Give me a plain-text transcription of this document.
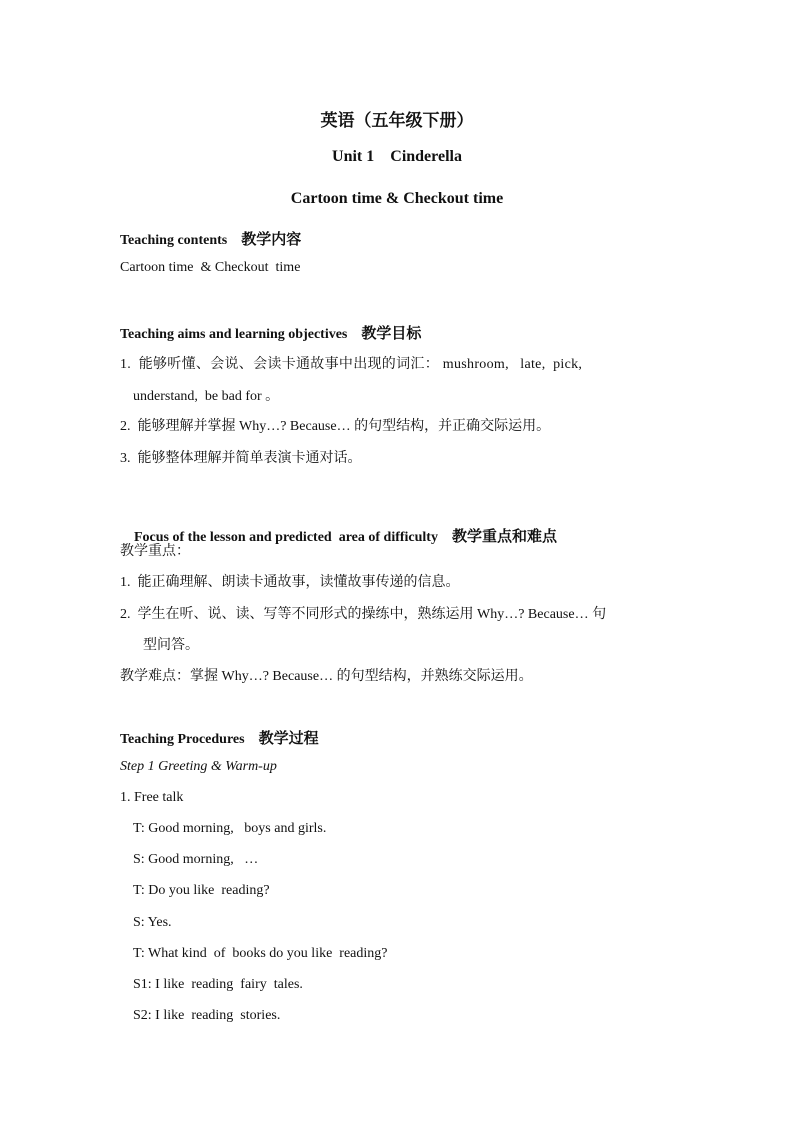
英语（五年级下册）
Unit 1    Cinderella
Cartoon time & Checkout time
Teaching contents 教学内容
Cartoon time  & Checkout  time
Teaching aims and learning objectives 教学目标
1.  能够听懂、会说、会读卡通故事中出现的词汇： mushroom,   late,  pick,
understand,  be bad for 。
2.  能够理解并掌握 Why…? Because… 的句型结构，并正确交际运用。
3.  能够整体理解并简单表演卡通对话。

Focus of the lesson and predicted  area of difficulty 教学重点和难点

教学重点：
1.  能正确理解、朗读卡通故事，读懂故事传递的信息。
2.  学生在听、说、读、写等不同形式的操练中，熟练运用 Why…? Because… 句
型问答。
教学难点：掌握 Why…? Because… 的句型结构，并熟练交际运用。
Teaching Procedures 教学过程
Step 1 Greeting & Warm-up
1. Free talk
T: Good morning,   boys and girls.
S: Good morning,   …
T: Do you like  reading?
S: Yes.
T: What kind  of  books do you like  reading?
S1: I like  reading  fairy  tales.
S2: I like  reading  stories.
